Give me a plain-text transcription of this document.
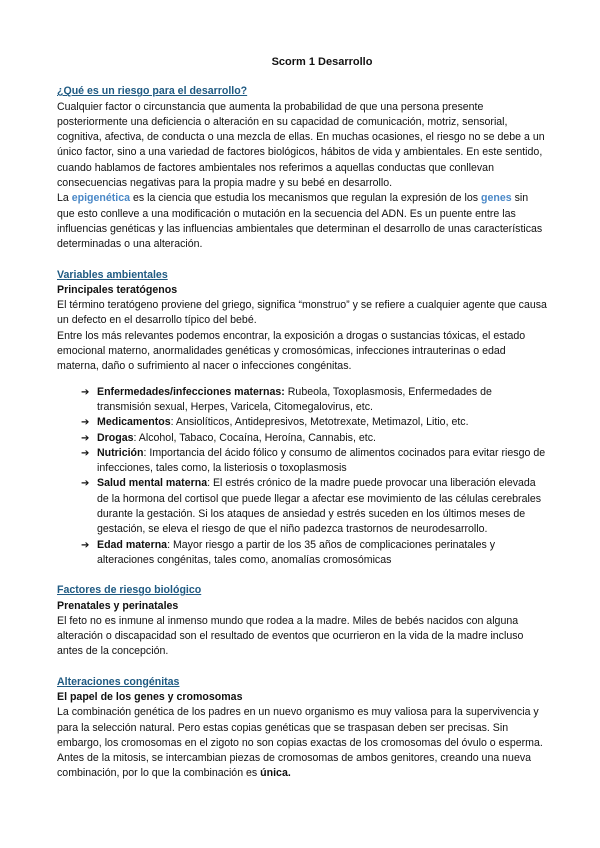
Scorm 1 Desarrollo
¿Qué es un riesgo para el desarrollo?

Cualquier factor o circunstancia que aumenta la probabilidad de que una persona presente posteriormente una deficiencia o alteración en su capacidad de comunicación, motriz, sensorial, cognitiva, afectiva, de conducta o una mezcla de ellas. En muchas ocasiones, el riesgo no se debe a un único factor, sino a una variedad de factores biológicos, hábitos de vida y ambientales. En este sentido, cuando hablamos de factores ambientales nos referimos a aquellas conductas que conllevan consecuencias negativas para la propia madre y su bebé en desarrollo.

La epigenética es la ciencia que estudia los mecanismos que regulan la expresión de los genes sin que esto conlleve a una modificación o mutación en la secuencia del ADN. Es un puente entre las influencias genéticas y las influencias ambientales que determinan el desarrollo de unas características determinadas o una alteración.

Variables ambientales
Principales teratógenos

El término teratógeno proviene del griego, significa “monstruo” y se refiere a cualquier agente que causa un defecto en el desarrollo típico del bebé.

Entre los más relevantes podemos encontrar, la exposición a drogas o sustancias tóxicas, el estado emocional materno, anormalidades genéticas y cromosómicas, infecciones intrauterinas o edad materna, daño o sufrimiento al nacer o infecciones congénitas.

➔ Enfermedades/infecciones maternas: Rubeola, Toxoplasmosis, Enfermedades de transmisión sexual, Herpes, Varicela, Citomegalovirus, etc.
➔ Medicamentos: Ansiolíticos, Antidepresivos, Metotrexate, Metimazol, Litio, etc.
➔ Drogas: Alcohol, Tabaco, Cocaína, Heroína, Cannabis, etc.
➔ Nutrición: Importancia del ácido fólico y consumo de alimentos cocinados para evitar riesgo de infecciones, tales como, la listeriosis o toxoplasmosis
➔ Salud mental materna: El estrés crónico de la madre puede provocar una liberación elevada de la hormona del cortisol que puede llegar a afectar ese movimiento de las células cerebrales durante la gestación. Si los ataques de ansiedad y estrés suceden en los últimos meses de gestación, se eleva el riesgo de que el niño padezca trastornos de neurodesarrollo.
➔ Edad materna: Mayor riesgo a partir de los 35 años de complicaciones perinatales y alteraciones congénitas, tales como, anomalías cromosómicas
Factores de riesgo biológico
Prenatales y perinatales

El feto no es inmune al inmenso mundo que rodea a la madre. Miles de bebés nacidos con alguna alteración o discapacidad son el resultado de eventos que ocurrieron en la vida de la madre incluso antes de la concepción.

Alteraciones congénitas
El papel de los genes y cromosomas

La combinación genética de los padres en un nuevo organismo es muy valiosa para la supervivencia y para la selección natural. Pero estas copias genéticas que se traspasan deben ser precisas. Sin embargo, los cromosomas en el zigoto no son copias exactas de los cromosomas del óvulo o esperma. Antes de la mitosis, se intercambian piezas de cromosomas de ambos genitores, creando una nueva combinación, por lo que la combinación es única.
